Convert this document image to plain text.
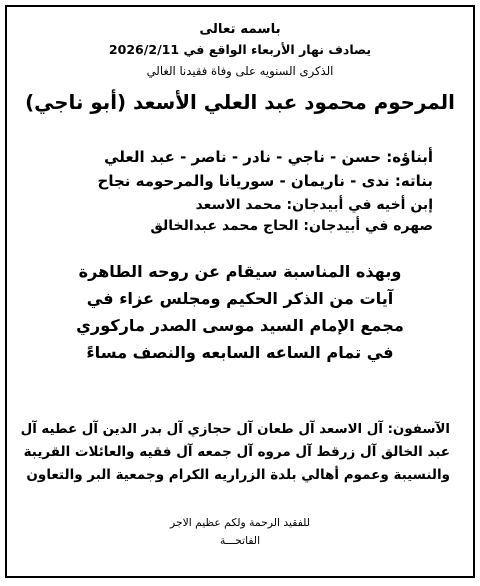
باسمه تعالى
يصادف نهار الأربعاء الواقع في 2026/2/11
الذكرى السنويه على وفاة فقيدنا الغالي
المرحوم محمود عبد العلي الأسعد (أبو ناجي)
أبناؤه: حسن - ناجي - نادر - ناصر - عبد العلي
بناته: ندى - ناريمان - سوريانا والمرحومه نجاح
إبن أخيه في أبيدجان: محمد الاسعد
صهره في أبيدجان: الحاج محمد عبدالخالق
وبهذه المناسبة سيقام عن روحه الطاهرة
آيات من الذكر الحكيم ومجلس عزاء في
مجمع الإمام السيد موسى الصدر ماركوري
في تمام الساعه السابعه والنصف مساءً
الآسفون: آل الاسعد آل طعان آل حجازي آل بدر الدين آل عطيه آل
عبد الخالق آل زرقط آل مروه آل جمعه آل فقيه والعائلات القريبة
والنسيبة وعموم أهالي بلدة الزراريه الكرام وجمعية البر والتعاون
للفقيد الرحمة ولكم عظيم الاجر
الفاتحـــة
